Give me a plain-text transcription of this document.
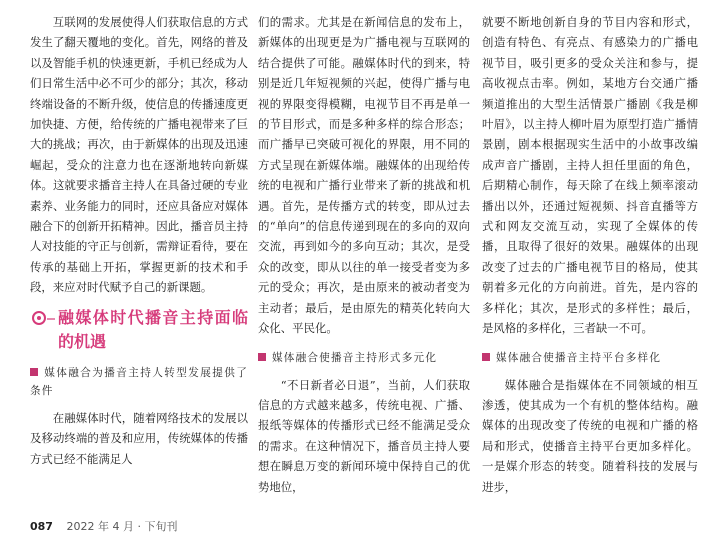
互联网的发展使得人们获取信息的方式发生了翻天覆地的变化。首先，网络的普及以及智能手机的快速更新，手机已经成为人们日常生活中必不可少的部分；其次，移动终端设备的不断升级，使信息的传播速度更加快捷、方便，给传统的广播电视带来了巨大的挑战；再次，由于新媒体的出现及迅速崛起，受众的注意力也在逐渐地转向新媒体。这就要求播音主持人在具备过硬的专业素养、业务能力的同时，还应具备应对媒体融合下的创新开拓精神。因此，播音员主持人对技能的守正与创新，需辩证看待，要在传承的基础上开拓，掌握更新的技术和手段，来应对时代赋予自己的新课题。

融媒体时代播音主持面临的机遇
媒体融合为播音主持人转型发展提供了条件

在融媒体时代，随着网络技术的发展以及移动终端的普及和应用，传统媒体的传播方式已经不能满足人

们的需求。尤其是在新闻信息的发布上，新媒体的出现更是为广播电视与互联网的结合提供了可能。融媒体时代的到来，特别是近几年短视频的兴起，使得广播与电视的界限变得模糊，电视节目不再是单一的节目形式，而是多种多样的综合形态；而广播早已突破可视化的界限，用不同的方式呈现在新媒体端。融媒体的出现给传统的电视和广播行业带来了新的挑战和机遇。首先，是传播方式的转变，即从过去的“单向”的信息传递到现在的多向的双向交流，再到如今的多向互动；其次，是受众的改变，即从以往的单一接受者变为多元的受众；再次，是由原来的被动者变为主动者；最后，是由原先的精英化转向大众化、平民化。

媒体融合使播音主持形式多元化

“不日新者必日退”，当前，人们获取信息的方式越来越多，传统电视、广播、报纸等媒体的传播形式已经不能满足受众的需求。在这种情况下，播音员主持人要想在瞬息万变的新闻环境中保持自己的优势地位，

就要不断地创新自身的节目内容和形式，创造有特色、有亮点、有感染力的广播电视节目，吸引更多的受众关注和参与，提高收视点击率。例如，某地方台交通广播频道推出的大型生活情景广播剧《我是柳叶眉》，以主持人柳叶眉为原型打造广播情景剧，剧本根据现实生活中的小故事改编成声音广播剧，主持人担任里面的角色，后期精心制作，每天除了在线上频率滚动播出以外，还通过短视频、抖音直播等方式和网友交流互动，实现了全媒体的传播，且取得了很好的效果。融媒体的出现改变了过去的广播电视节目的格局，使其朝着多元化的方向前进。首先，是内容的多样化；其次，是形式的多样性；最后，是风格的多样化，三者缺一不可。

媒体融合使播音主持平台多样化

媒体融合是指媒体在不同领域的相互渗透，使其成为一个有机的整体结构。融媒体的出现改变了传统的电视和广播的格局和形式，使播音主持平台更加多样化。一是媒介形态的转变。随着科技的发展与进步，

087 2022 年 4 月 · 下旬刊
